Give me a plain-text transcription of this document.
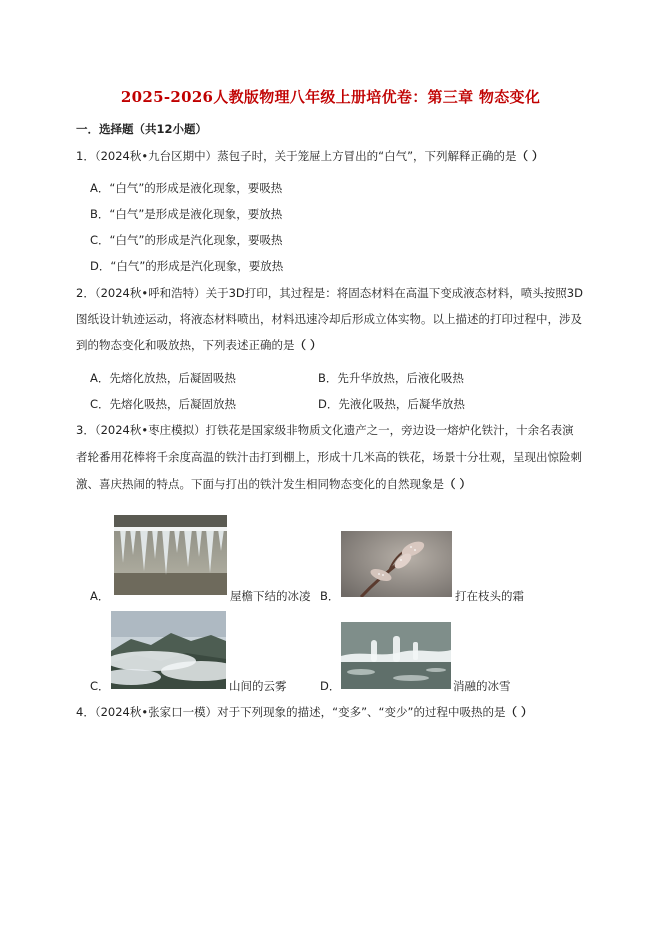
2025-2026人教版物理八年级上册培优卷：第三章 物态变化
一．选择题（共12小题）
1．（2024秋•九台区期中）蒸包子时，关于笼屉上方冒出的“白气”，下列解释正确的是（ ）
A．“白气”的形成是液化现象，要吸热
B．“白气”是形成是液化现象，要放热
C．“白气”的形成是汽化现象，要吸热
D．“白气”的形成是汽化现象，要放热
2．（2024秋•呼和浩特）关于3D打印，其过程是：将固态材料在高温下变成液态材料，喷头按照3D
图纸设计轨迹运动，将液态材料喷出，材料迅速冷却后形成立体实物。以上描述的打印过程中，涉及
到的物态变化和吸放热，下列表述正确的是（ ）
A．先熔化放热，后凝固吸热	B．先升华放热，后液化吸热
C．先熔化吸热，后凝固放热	D．先液化吸热，后凝华放热
3．（2024秋•枣庄模拟）打铁花是国家级非物质文化遗产之一，旁边设一熔炉化铁汁，十余名表演
者轮番用花棒将千余度高温的铁汁击打到棚上，形成十几米高的铁花，场景十分壮观，呈现出惊险刺
激、喜庆热闹的特点。下面与打出的铁汁发生相同物态变化的自然现象是（ ）
A．	屋檐下结的冰凌 B．	打在枝头的霜
C．	山间的云雾	D．	消融的冰雪
4．（2024秋•张家口一模）对于下列现象的描述，“变多”、“变少”的过程中吸热的是（ ）
